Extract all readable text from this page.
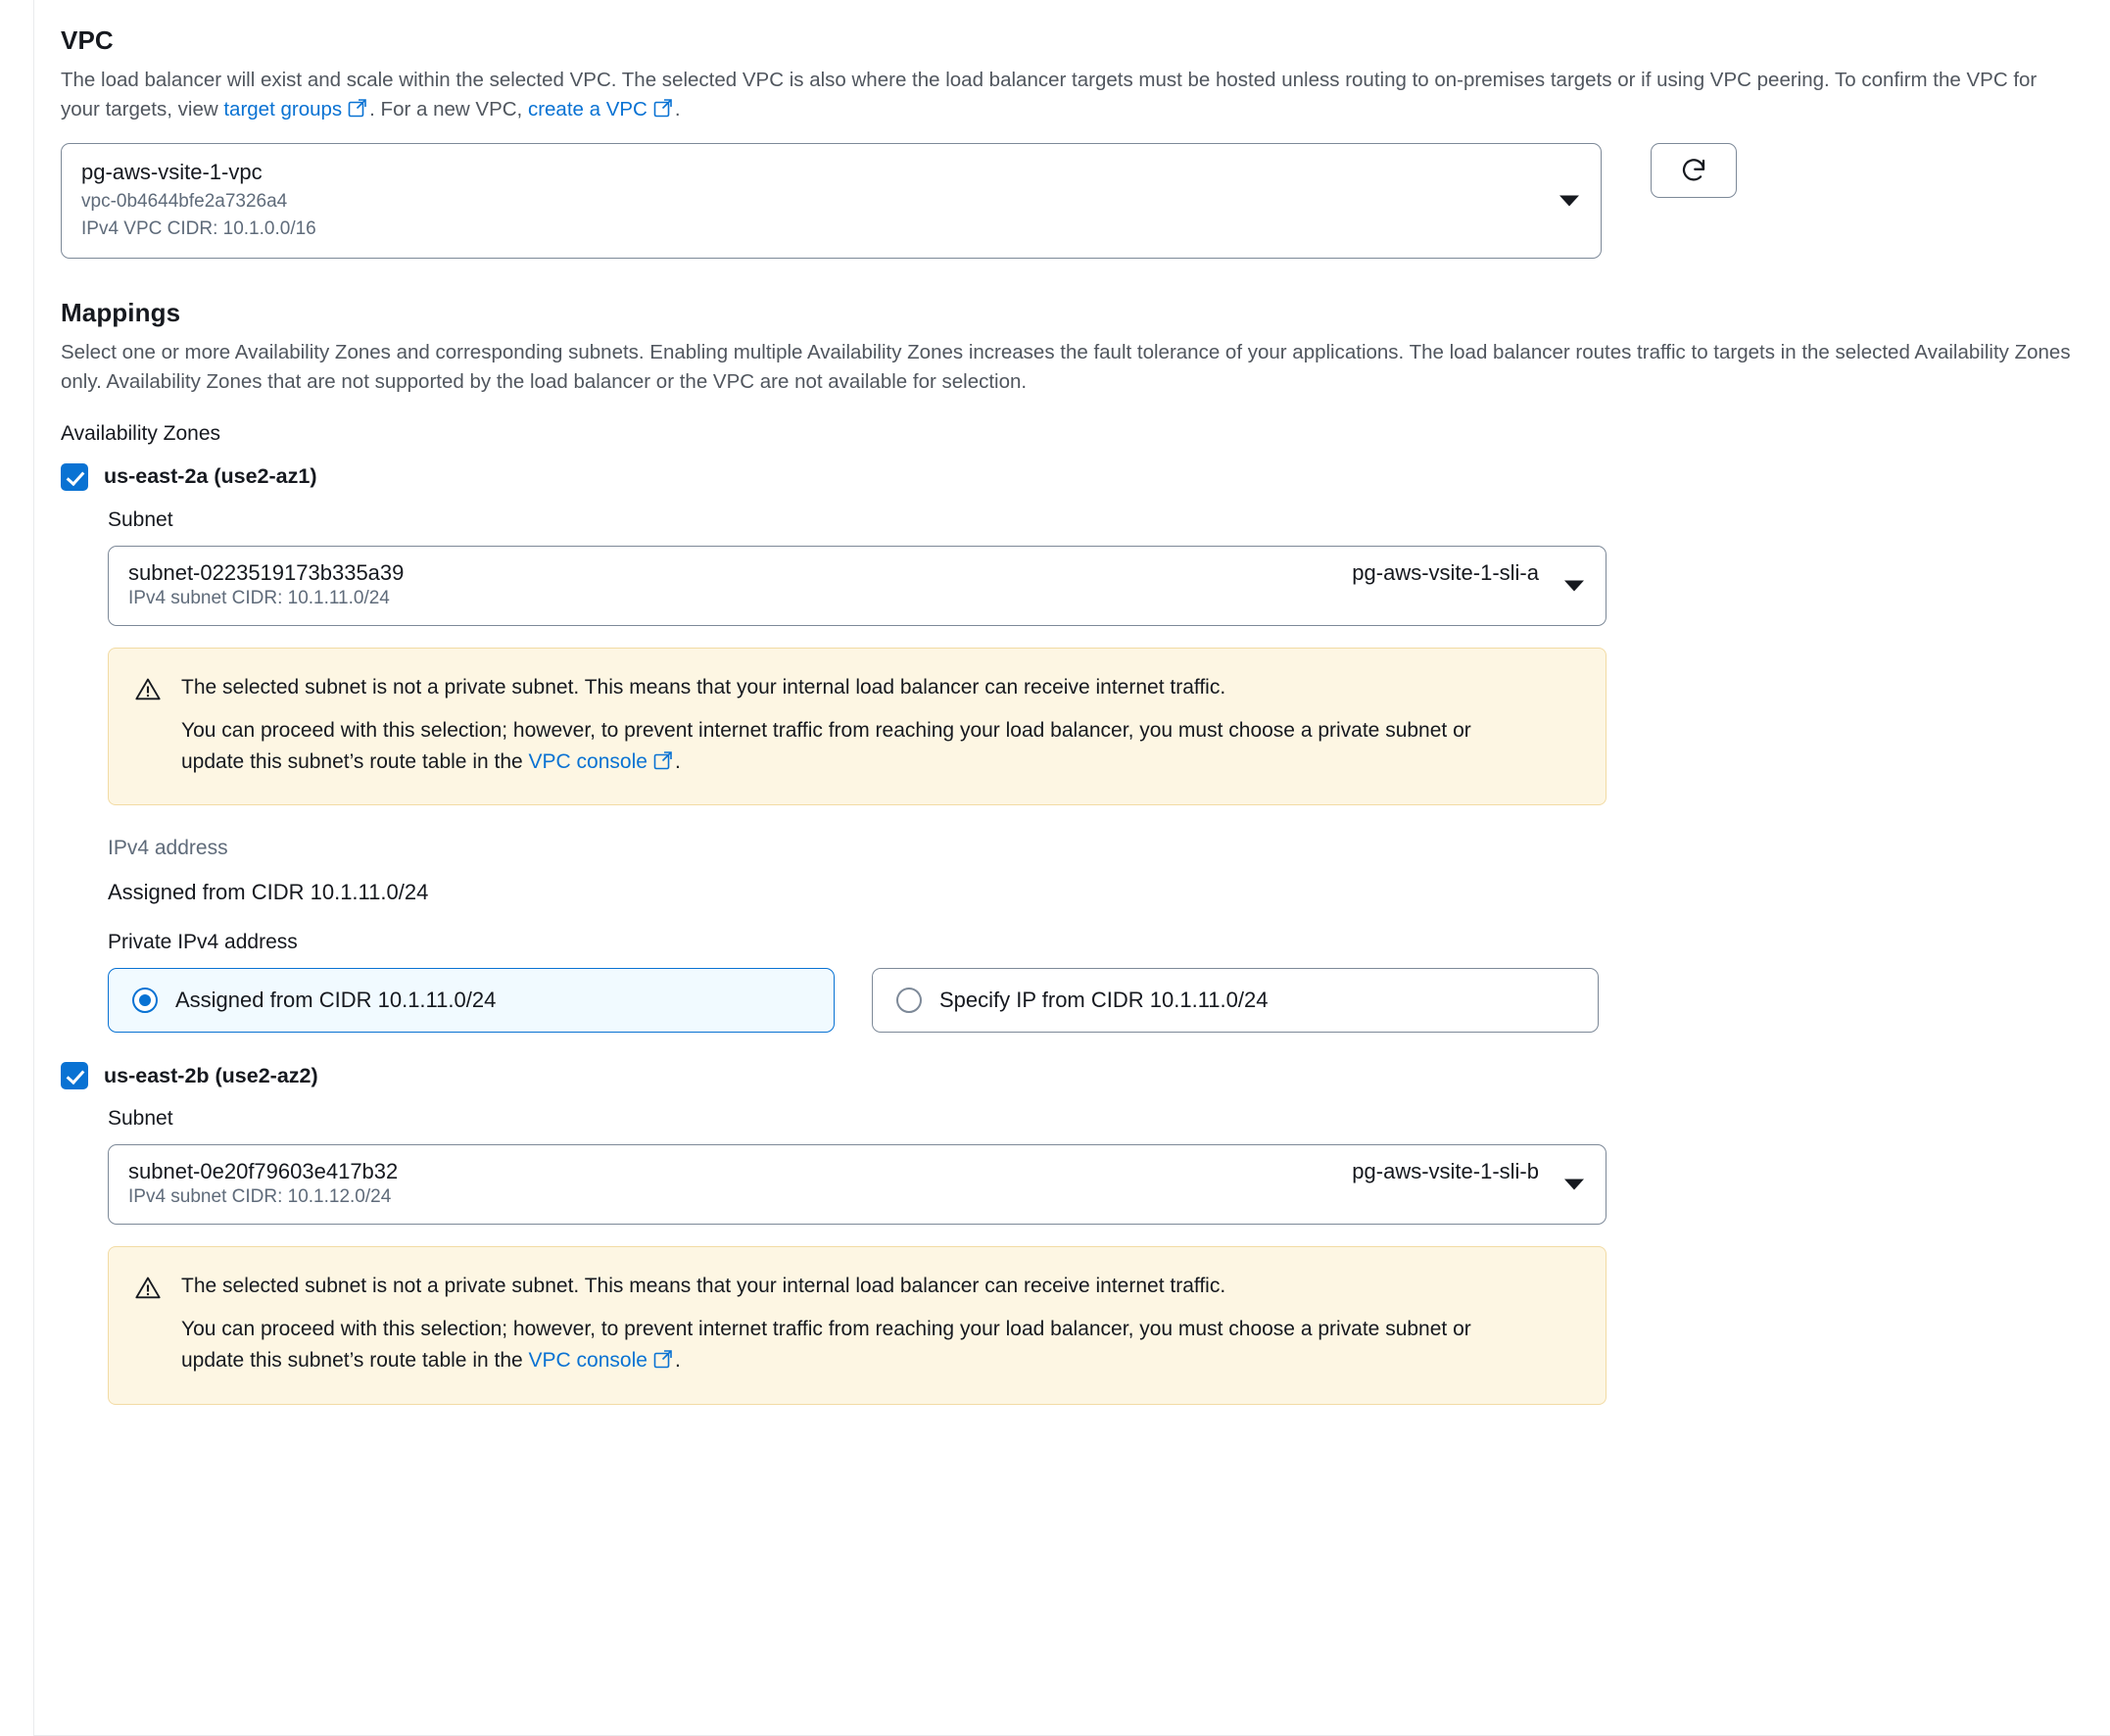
VPC

The load balancer will exist and scale within the selected VPC. The selected VPC is also where the load balancer targets must be hosted unless routing to on-premises targets or if using VPC peering. To confirm the VPC for your targets, view target groups . For a new VPC, create a VPC .

pg-aws-vsite-1-vpc
vpc-0b4644bfe2a7326a4
IPv4 VPC CIDR: 10.1.0.0/16
Mappings

Select one or more Availability Zones and corresponding subnets. Enabling multiple Availability Zones increases the fault tolerance of your applications. The load balancer routes traffic to targets in the selected Availability Zones only. Availability Zones that are not supported by the load balancer or the VPC are not available for selection.

Availability Zones
us-east-2a (use2-az1)
Subnet
subnet-0223519173b335a39	pg-aws-vsite-1-sli-a
IPv4 subnet CIDR: 10.1.11.0/24

The selected subnet is not a private subnet. This means that your internal load balancer can receive internet traffic.

You can proceed with this selection; however, to prevent internet traffic from reaching your load balancer, you must choose a private subnet or update this subnet’s route table in the VPC console .

IPv4 address
Assigned from CIDR 10.1.11.0/24
Private IPv4 address
Assigned from CIDR 10.1.11.0/24	Specify IP from CIDR 10.1.11.0/24
us-east-2b (use2-az2)
Subnet
subnet-0e20f79603e417b32	pg-aws-vsite-1-sli-b
IPv4 subnet CIDR: 10.1.12.0/24

The selected subnet is not a private subnet. This means that your internal load balancer can receive internet traffic.

You can proceed with this selection; however, to prevent internet traffic from reaching your load balancer, you must choose a private subnet or update this subnet’s route table in the VPC console .
